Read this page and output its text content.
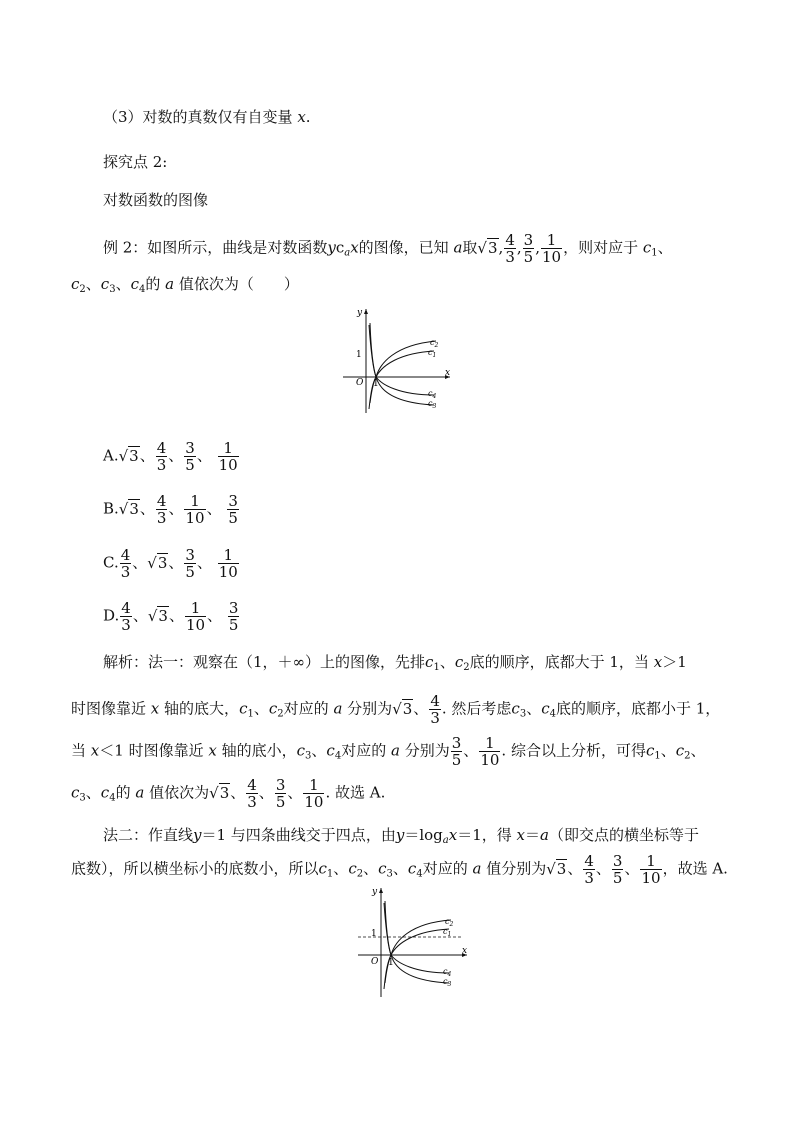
（3）对数的真数仅有自变量 x.
探究点 2:
对数函数的图像
例 2：如图所示，曲线是对数函数$yc_ax$的图像，已知 a取√3, $\frac{4}{3}$ , $\frac{3}{5}$ , $\frac{1}{10}$ ，则对应于 $c_1$、
$c_2$、$c_3$、$c_4$的 a 值依次为（　　）
y
x
O
1
1
$c_2$
$c_1$
$c_4$
$c_3$
A.√3、 $\frac{4}{3}$ 、 $\frac{3}{5}$ 、 $\frac{1}{10}$
B.√3、 $\frac{4}{3}$ 、 $\frac{1}{10}$ 、 $\frac{3}{5}$
C. $\frac{4}{3}$ 、√3、 $\frac{3}{5}$ 、 $\frac{1}{10}$
D. $\frac{4}{3}$ 、√3、 $\frac{1}{10}$ 、 $\frac{3}{5}$
解析：法一：观察在（1，＋∞）上的图像，先排$c_1$、$c_2$底的顺序，底都大于 1，当 x＞1
时图像靠近 x 轴的底大，$c_1$、$c_2$对应的 a 分别为√3、 $\frac{4}{3}$ . 然后考虑$c_3$、$c_4$底的顺序，底都小于 1，
当 x＜1 时图像靠近 x 轴的底小，$c_3$、$c_4$对应的 a 分别为 $\frac{3}{5}$ 、 $\frac{1}{10}$ . 综合以上分析，可得$c_1$、$c_2$、
$c_3$、$c_4$的 a 值依次为√3、 $\frac{4}{3}$ 、 $\frac{3}{5}$ 、 $\frac{1}{10}$ . 故选 A.
法二：作直线y＝1 与四条曲线交于四点，由$y=\log_ax=1$，得 x＝a（即交点的横坐标等于
底数），所以横坐标小的底数小，所以$c_1$、$c_2$、$c_3$、$c_4$对应的 a 值分别为√3、 $\frac{4}{3}$ 、 $\frac{3}{5}$ 、 $\frac{1}{10}$ ，故选 A.
y
x
O
1
1
$c_2$
$c_1$
$c_4$
$c_3$
